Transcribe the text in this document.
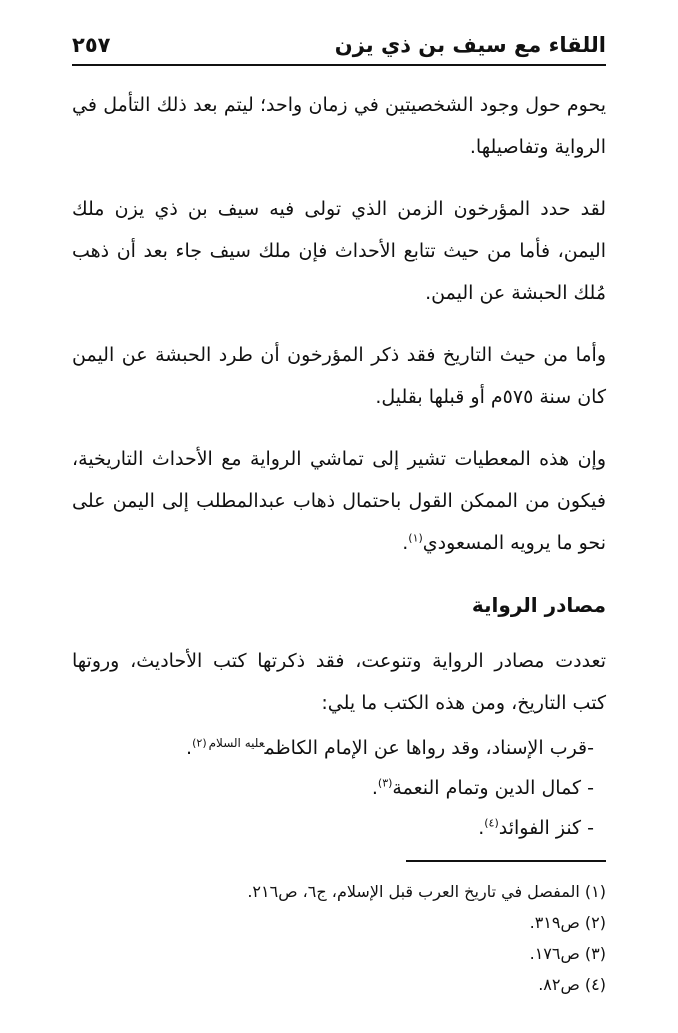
اللقاء مع سيف بن ذي يزن
٢٥٧

يحوم حول وجود الشخصيتين في زمان واحد؛ ليتم بعد ذلك التأمل في الرواية وتفاصيلها.

لقد حدد المؤرخون الزمن الذي تولى فيه سيف بن ذي يزن ملك اليمن، فأما من حيث تتابع الأحداث فإن ملك سيف جاء بعد أن ذهب مُلك الحبشة عن اليمن.

وأما من حيث التاريخ فقد ذكر المؤرخون أن طرد الحبشة عن اليمن كان سنة ٥٧٥م أو قبلها بقليل.

وإن هذه المعطيات تشير إلى تماشي الرواية مع الأحداث التاريخية، فيكون من الممكن القول باحتمال ذهاب عبدالمطلب إلى اليمن على نحو ما يرويه المسعودي$^{(١)}$.

مصادر الرواية

تعددت مصادر الرواية وتنوعت، فقد ذكرتها كتب الأحاديث، وروتها كتب التاريخ، ومن هذه الكتب ما يلي:

-قرب الإسناد، وقد رواها عن الإمام الكاظم$^{عليه السلام(٢)}$.
- كمال الدين وتمام النعمة$^{(٣)}$.
- كنز الفوائد$^{(٤)}$.
(١) المفصل في تاريخ العرب قبل الإسلام، ج٦، ص٢١٦.
(٢) ص٣١٩.
(٣) ص١٧٦.
(٤) ص٨٢.
